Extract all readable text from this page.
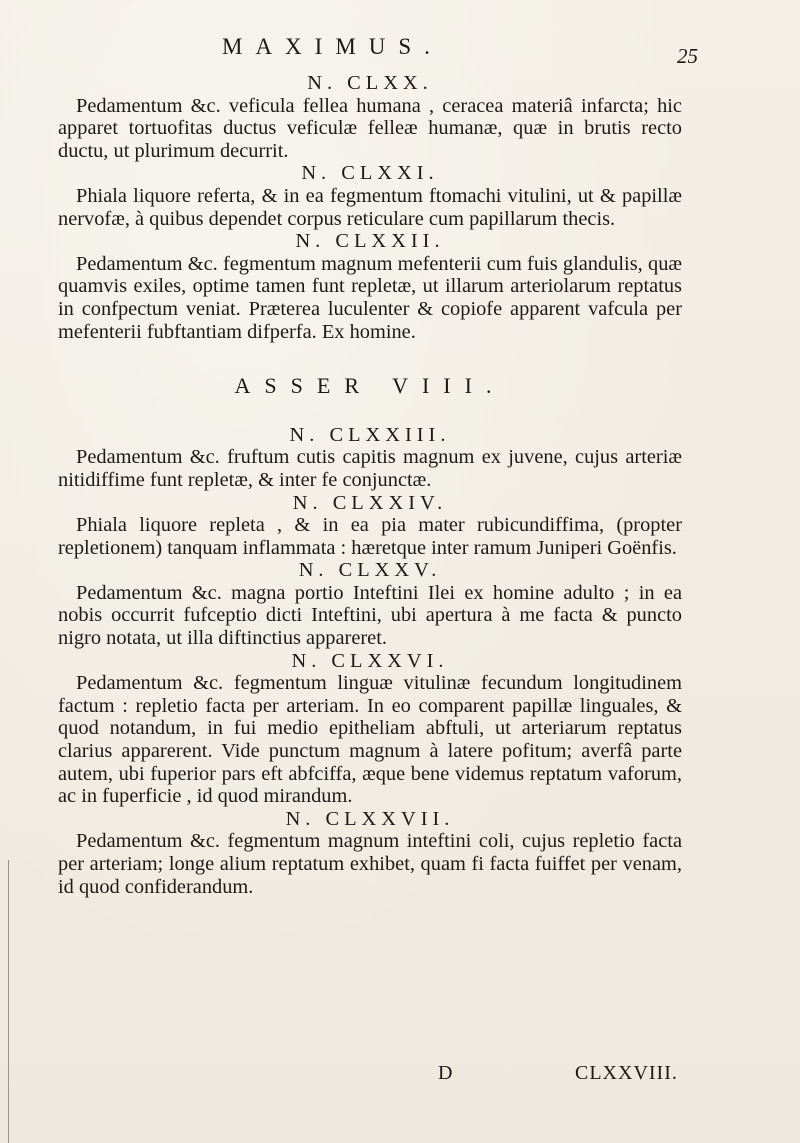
MAXIMUS.	25

N. CLXX.

Pedamentum &c. veficula fellea humana , ceracea materiâ infarcta; hic apparet tortuofitas ductus veficulæ felleæ humanæ, quæ in brutis recto ductu, ut plurimum decurrit.

N. CLXXI.

Phiala liquore referta, & in ea fegmentum ftomachi vitulini, ut & papillæ nervofæ, à quibus dependet corpus reticulare cum papillarum thecis.

N. CLXXII.

Pedamentum &c. fegmentum magnum mefenterii cum fuis glandulis, quæ quamvis exiles, optime tamen funt repletæ, ut illarum arteriolarum reptatus in confpectum veniat. Præterea luculenter & copiofe apparent vafcula per mefenterii fubftantiam difperfa. Ex homine.

ASSER VIII.

N. CLXXIII.

Pedamentum &c. fruftum cutis capitis magnum ex juvene, cujus arteriæ nitidiffime funt repletæ, & inter fe conjunctæ.

N. CLXXIV.

Phiala liquore repleta , & in ea pia mater rubicundiffima, (propter repletionem) tanquam inflammata : hæretque inter ramum Juniperi Goënfis.

N. CLXXV.

Pedamentum &c. magna portio Inteftini Ilei ex homine adulto ; in ea nobis occurrit fufceptio dicti Inteftini, ubi apertura à me facta & puncto nigro notata, ut illa diftinctius appareret.

N. CLXXVI.

Pedamentum &c. fegmentum linguæ vitulinæ fecundum longitudinem factum : repletio facta per arteriam. In eo comparent papillæ linguales, & quod notandum, in fui medio epitheliam abftuli, ut arteriarum reptatus clarius apparerent. Vide punctum magnum à latere pofitum; averfâ parte autem, ubi fuperior pars eft abfciffa, æque bene videmus reptatum vaforum, ac in fuperficie , id quod mirandum.

N. CLXXVII.

Pedamentum &c. fegmentum magnum inteftini coli, cujus repletio facta per arteriam; longe alium reptatum exhibet, quam fi facta fuiffet per venam, id quod confiderandum.

D	CLXXVIII.
